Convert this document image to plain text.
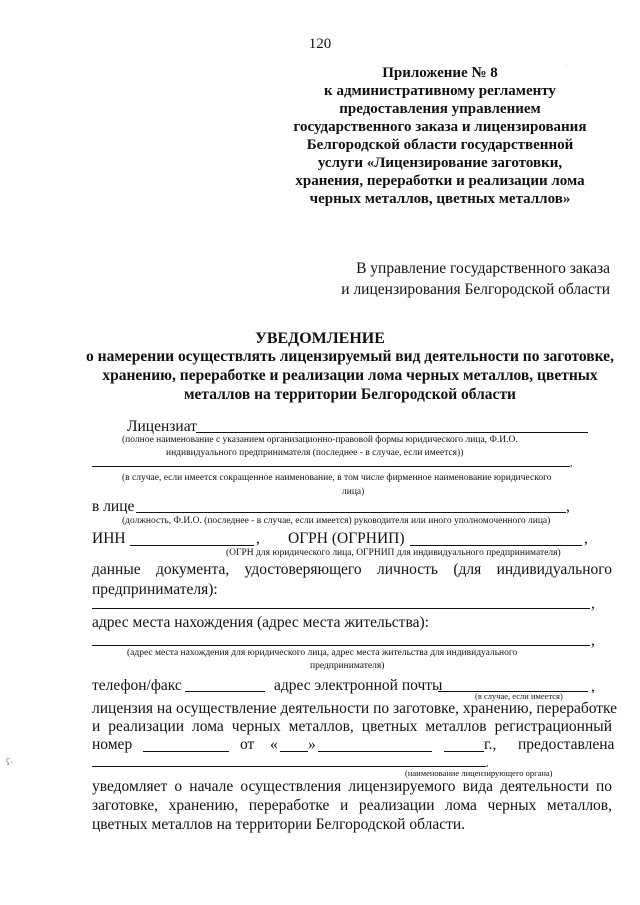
120
Приложение № 8
к административному регламенту
предоставления управлением
государственного заказа и лицензирования
Белгородской области государственной
услуги «Лицензирование заготовки,
хранения, переработки и реализации лома
черных металлов, цветных металлов»
В управление государственного заказа
и лицензирования Белгородской области
УВЕДОМЛЕНИЕ
о намерении осуществлять лицензируемый вид деятельности по заготовке,
хранению, переработке и реализации лома черных металлов, цветных
металлов на территории Белгородской области
Лицензиат
(полное наименование с указанием организационно-правовой формы юридического лица, Ф.И.О.
индивидуального предпринимателя (последнее - в случае, если имеется))
,
(в случае, если имеется сокращенное наименование, в том числе фирменное наименование юридического
лица)
в лице	,
(должность, Ф.И.О. (последнее - в случае, если имеется) руководителя или иного уполномоченного лица)
ИНН	, ОГРН (ОГРНИП)	,
(ОГРН для юридического лица, ОГРНИП для индивидуального предпринимателя)
данные документа, удостоверяющего личность (для индивидуального
предпринимателя):
,
адрес места нахождения (адрес места жительства):
,
(адрес места нахождения для юридического лица, адрес места жительства для индивидуального
предпринимателя)
телефон/факс	адрес электронной почты	,
(в случае, если имеется)
лицензия на осуществление деятельности по заготовке, хранению, переработке
и реализации лома черных металлов, цветных металлов регистрационный
номер	от « »	г., предоставлена
,
(наименование лицензирующего органа)
уведомляет о начале осуществления лицензируемого вида деятельности по
заготовке, хранению, переработке и реализации лома черных металлов,
цветных металлов на территории Белгородской области.
ʕ·
·
